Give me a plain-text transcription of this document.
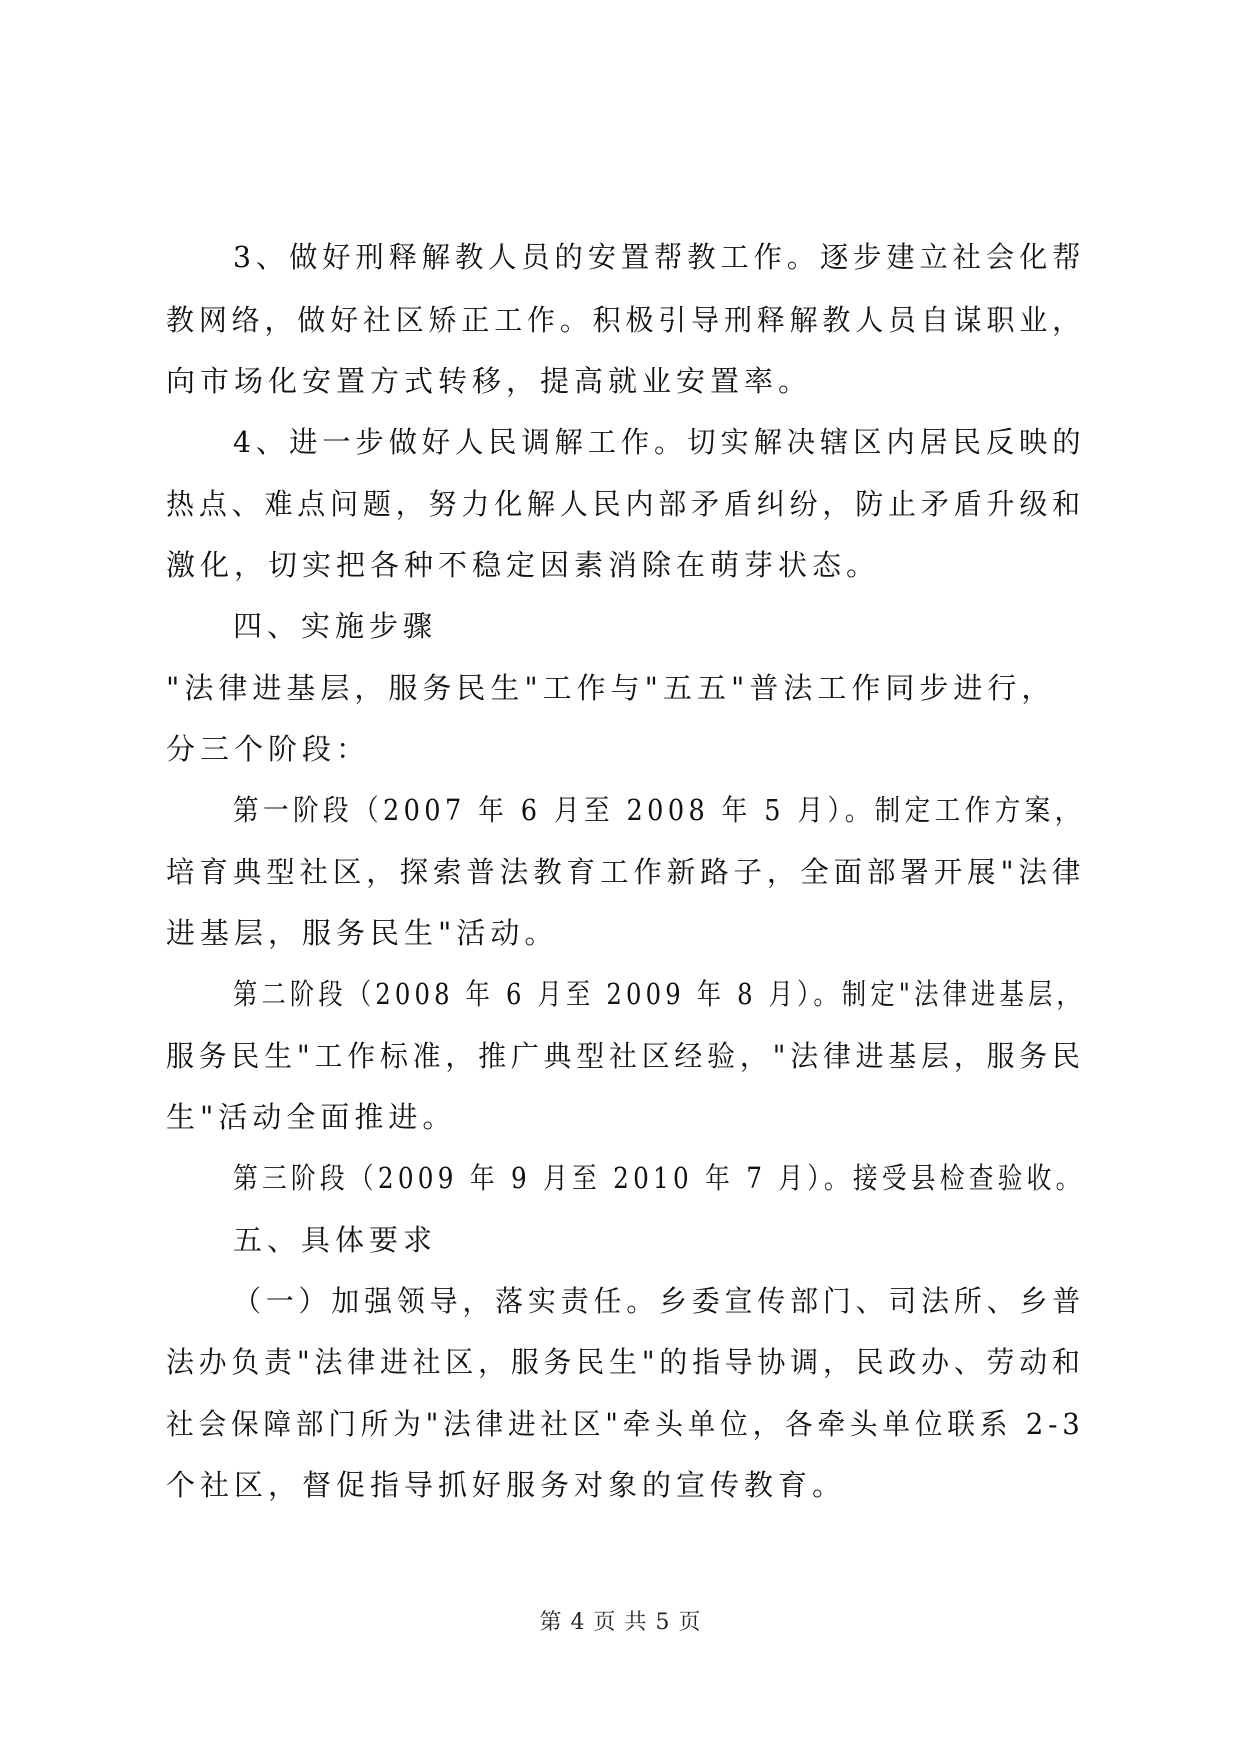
3、做好刑释解教人员的安置帮教工作。逐步建立社会化帮
教网络，做好社区矫正工作。积极引导刑释解教人员自谋职业，
向市场化安置方式转移，提高就业安置率。
4、进一步做好人民调解工作。切实解决辖区内居民反映的
热点、难点问题，努力化解人民内部矛盾纠纷，防止矛盾升级和
激化，切实把各种不稳定因素消除在萌芽状态。
四、实施步骤
"法律进基层，服务民生"工作与"五五"普法工作同步进行，
分三个阶段：
第一阶段（2007 年 6 月至 2008 年 5 月）。制定工作方案，
培育典型社区，探索普法教育工作新路子，全面部署开展"法律
进基层，服务民生"活动。
第二阶段（2008 年 6 月至 2009 年 8 月）。制定"法律进基层，
服务民生"工作标准，推广典型社区经验，"法律进基层，服务民
生"活动全面推进。
第三阶段（2009 年 9 月至 2010 年 7 月）。接受县检查验收。
五、具体要求
（一）加强领导，落实责任。乡委宣传部门、司法所、乡普
法办负责"法律进社区，服务民生"的指导协调，民政办、劳动和
社会保障部门所为"法律进社区"牵头单位，各牵头单位联系 2-3
个社区，督促指导抓好服务对象的宣传教育。
第 4 页 共 5 页
